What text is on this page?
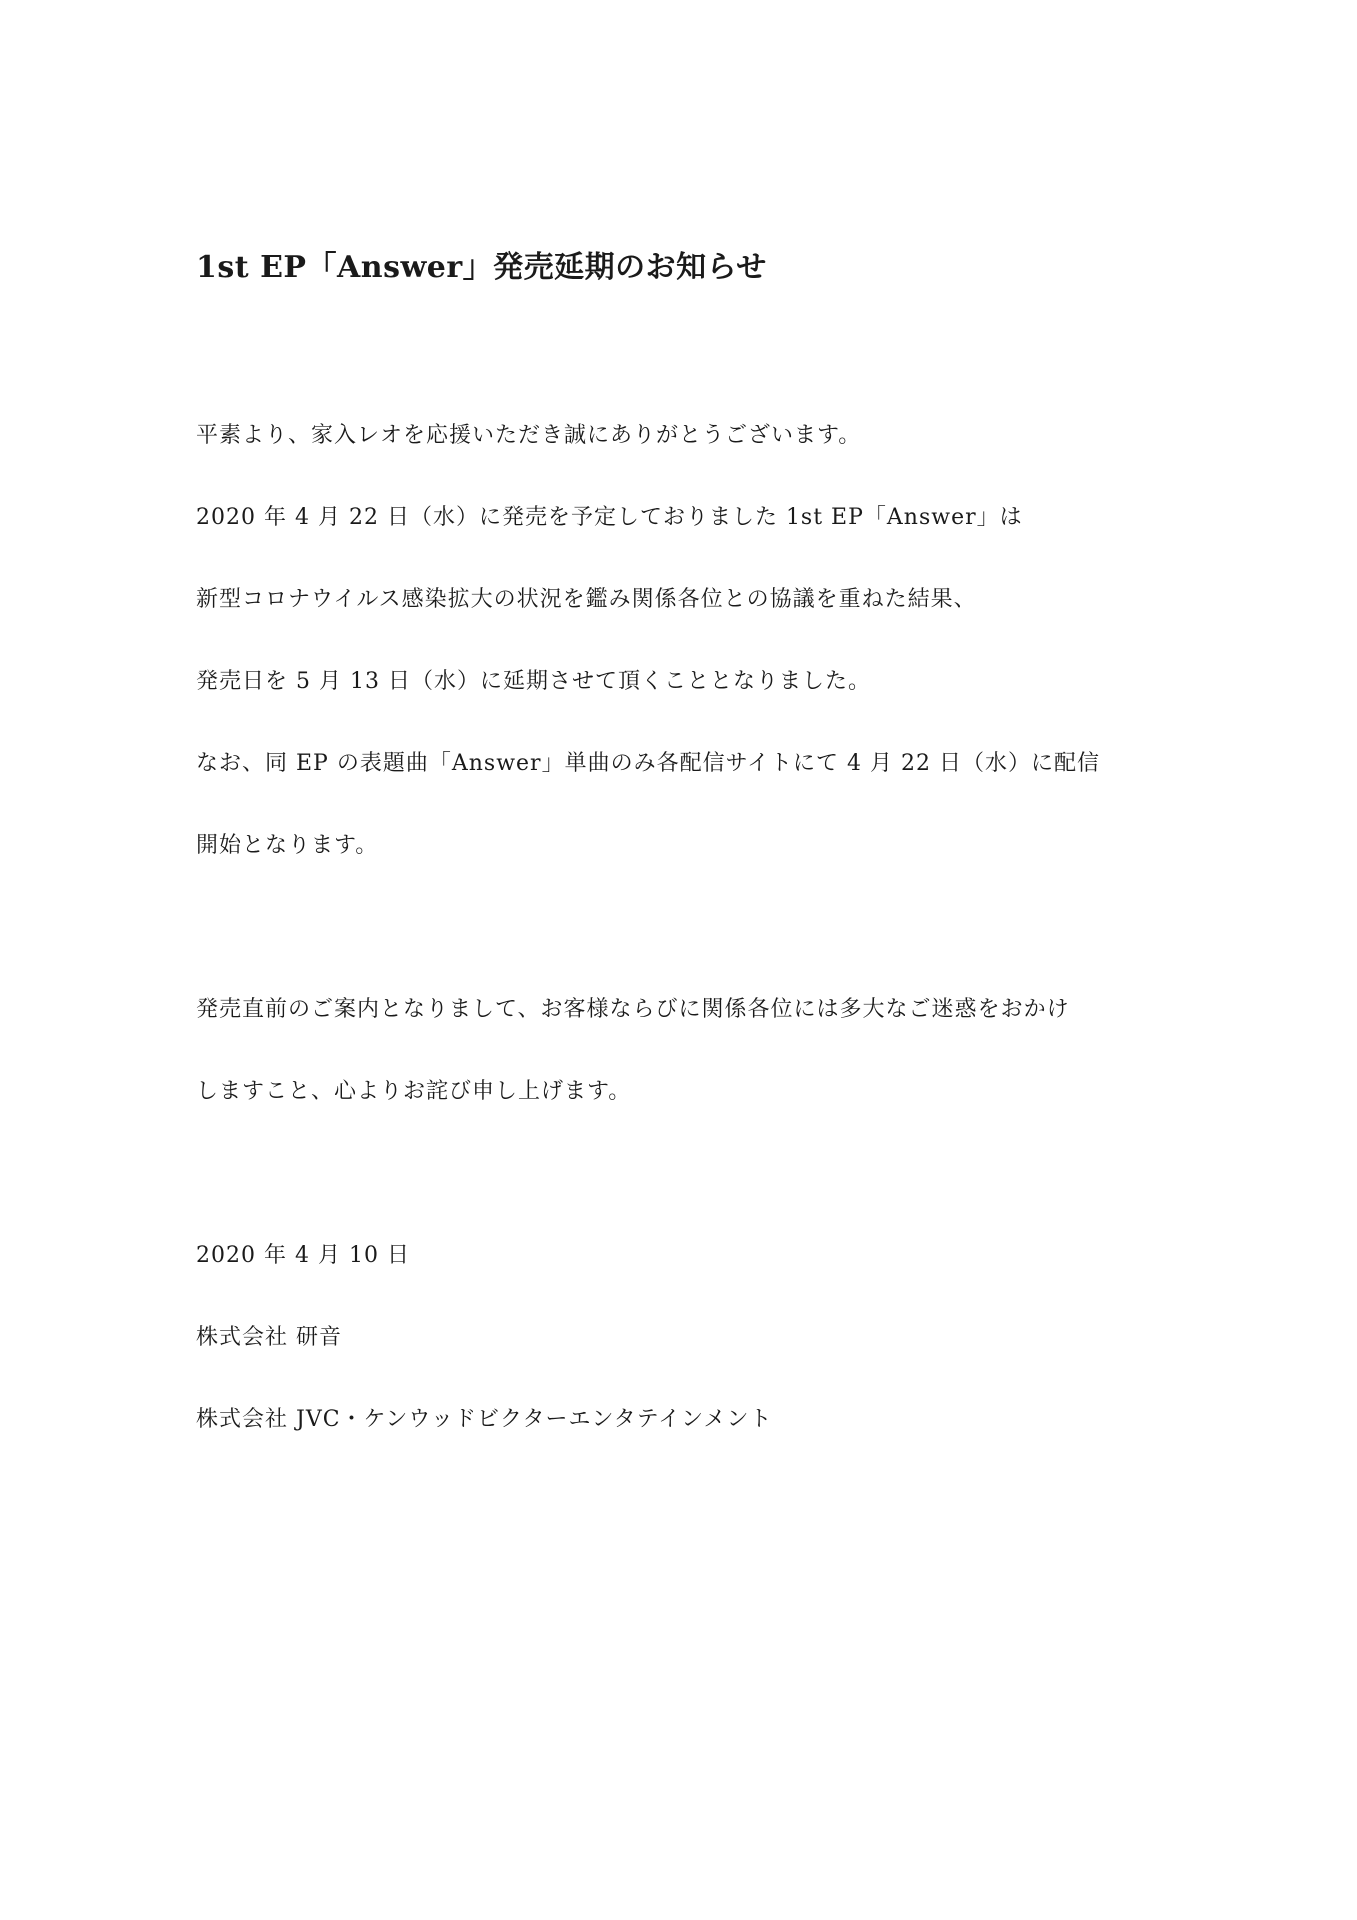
1st EP「Answer」発売延期のお知らせ

平素より、家入レオを応援いただき誠にありがとうございます。

2020 年 4 月 22 日（水）に発売を予定しておりました 1st EP「Answer」は

新型コロナウイルス感染拡大の状況を鑑み関係各位との協議を重ねた結果、

発売日を 5 月 13 日（水）に延期させて頂くこととなりました。

なお、同 EP の表題曲「Answer」単曲のみ各配信サイトにて 4 月 22 日（水）に配信

開始となります。

発売直前のご案内となりまして、お客様ならびに関係各位には多大なご迷惑をおかけ

しますこと、心よりお詫び申し上げます。

2020 年 4 月 10 日

株式会社 研音

株式会社 JVC・ケンウッドビクターエンタテインメント
